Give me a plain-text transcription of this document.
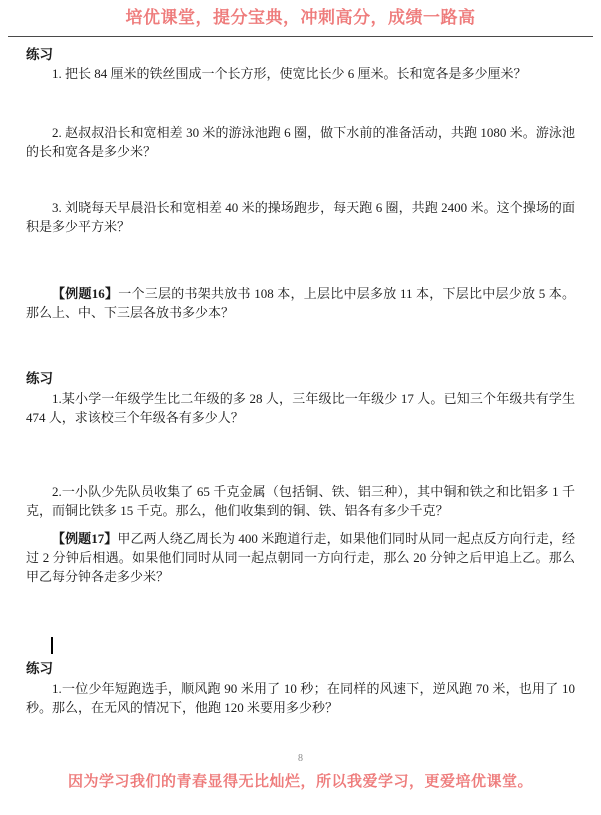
培优课堂，提分宝典，冲刺高分，成绩一路高
练习

1. 把长 84 厘米的铁丝围成一个长方形，使宽比长少 6 厘米。长和宽各是多少厘米？

2. 赵叔叔沿长和宽相差 30 米的游泳池跑 6 圈，做下水前的准备活动，共跑 1080 米。游泳池的长和宽各是多少米？

3. 刘晓每天早晨沿长和宽相差 40 米的操场跑步，每天跑 6 圈，共跑 2400 米。这个操场的面积是多少平方米？

【例题16】一个三层的书架共放书 108 本，上层比中层多放 11 本，下层比中层少放 5 本。那么上、中、下三层各放书多少本？

练习

1.某小学一年级学生比二年级的多 28 人，三年级比一年级少 17 人。已知三个年级共有学生 474 人，求该校三个年级各有多少人？

2.一小队少先队员收集了 65 千克金属（包括铜、铁、铝三种），其中铜和铁之和比铝多 1 千克，而铜比铁多 15 千克。那么，他们收集到的铜、铁、铝各有多少千克？

【例题17】甲乙两人绕乙周长为 400 米跑道行走，如果他们同时从同一起点反方向行走，经过 2 分钟后相遇。如果他们同时从同一起点朝同一方向行走，那么 20 分钟之后甲追上乙。那么甲乙每分钟各走多少米？

练习

1.一位少年短跑选手，顺风跑 90 米用了 10 秒；在同样的风速下，逆风跑 70 米，也用了 10 秒。那么，在无风的情况下，他跑 120 米要用多少秒？

8
因为学习我们的青春显得无比灿烂，所以我爱学习，更爱培优课堂。
